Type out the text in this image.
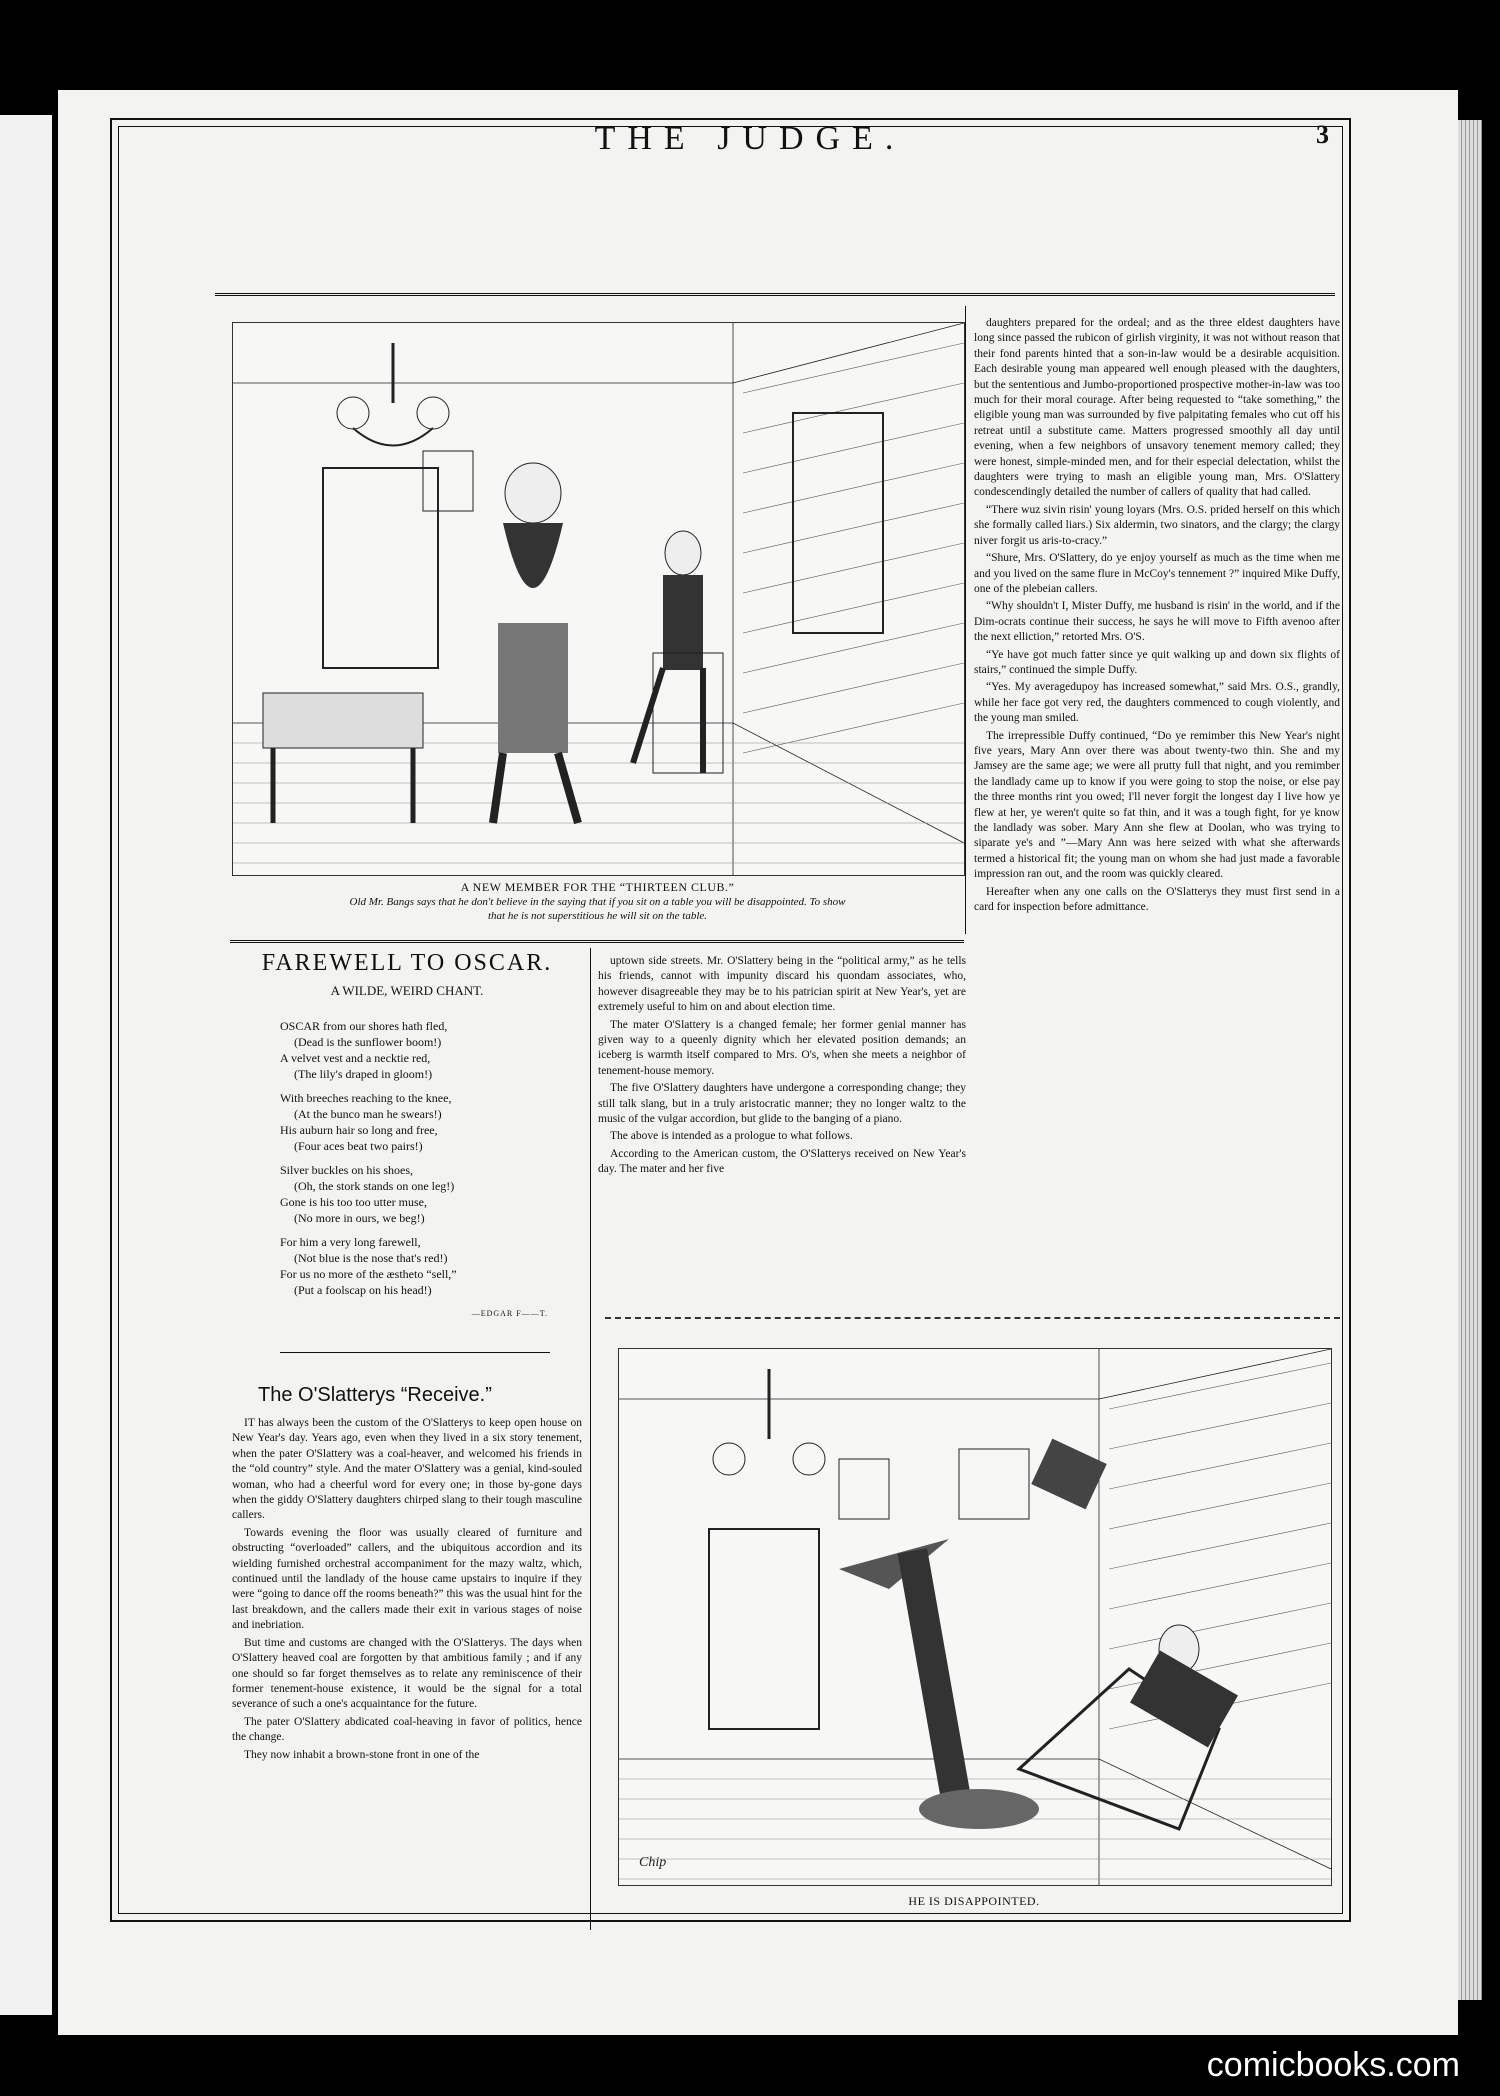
THE JUDGE.	3
A NEW MEMBER FOR THE “THIRTEEN CLUB.”
Old Mr. Bangs says that he don't believe in the saying that if you sit on a table you will be disappointed. To show
that he is not superstitious he will sit on the table.
FAREWELL TO OSCAR.
A WILDE, WEIRD CHANT.
OSCAR from our shores hath fled,
(Dead is the sunflower boom!)
A velvet vest and a necktie red,
(The lily's draped in gloom!)
With breeches reaching to the knee,
(At the bunco man he swears!)
His auburn hair so long and free,
(Four aces beat two pairs!)
Silver buckles on his shoes,
(Oh, the stork stands on one leg!)
Gone is his too too utter muse,
(No more in ours, we beg!)
For him a very long farewell,
(Not blue is the nose that's red!)
For us no more of the æstheto “sell,”
(Put a foolscap on his head!)
—EDGAR F——T.
The O'Slatterys “Receive.”

IT has always been the custom of the O'Slatterys to keep open house on New Year's day. Years ago, even when they lived in a six story tenement, when the pater O'Slattery was a coal-heaver, and welcomed his friends in the “old country” style. And the mater O'Slattery was a genial, kind-souled woman, who had a cheerful word for every one; in those by-gone days when the giddy O'Slattery daughters chirped slang to their tough masculine callers.

Towards evening the floor was usually cleared of furniture and obstructing “overloaded” callers, and the ubiquitous accordion and its wielding furnished orchestral accompaniment for the mazy waltz, which, continued until the landlady of the house came upstairs to inquire if they were “going to dance off the rooms beneath?” this was the usual hint for the last breakdown, and the callers made their exit in various stages of noise and inebriation.

But time and customs are changed with the O'Slatterys. The days when O'Slattery heaved coal are forgotten by that ambitious family ; and if any one should so far forget themselves as to relate any reminiscence of their former tenement-house existence, it would be the signal for a total severance of such a one's acquaintance for the future.

The pater O'Slattery abdicated coal-heaving in favor of politics, hence the change.

They now inhabit a brown-stone front in one of the

uptown side streets. Mr. O'Slattery being in the “political army,” as he tells his friends, cannot with impunity discard his quondam associates, who, however disagreeable they may be to his patrician spirit at New Year's, yet are extremely useful to him on and about election time.

The mater O'Slattery is a changed female; her former genial manner has given way to a queenly dignity which her elevated position demands; an iceberg is warmth itself compared to Mrs. O's, when she meets a neighbor of tenement-house memory.

The five O'Slattery daughters have undergone a corresponding change; they still talk slang, but in a truly aristocratic manner; they no longer waltz to the music of the vulgar accordion, but glide to the banging of a piano.

The above is intended as a prologue to what follows.

According to the American custom, the O'Slatterys received on New Year's day. The mater and her five

daughters prepared for the ordeal; and as the three eldest daughters have long since passed the rubicon of girlish virginity, it was not without reason that their fond parents hinted that a son-in-law would be a desirable acquisition. Each desirable young man appeared well enough pleased with the daughters, but the sententious and Jumbo-proportioned prospective mother-in-law was too much for their moral courage. After being requested to “take something,” the eligible young man was surrounded by five palpitating females who cut off his retreat until a substitute came. Matters progressed smoothly all day until evening, when a few neighbors of unsavory tenement memory called; they were honest, simple-minded men, and for their especial delectation, whilst the daughters were trying to mash an eligible young man, Mrs. O'Slattery condescendingly detailed the number of callers of quality that had called.

“There wuz sivin risin' young loyars (Mrs. O.S. prided herself on this which she formally called liars.) Six aldermin, two sinators, and the clargy; the clargy niver forgit us aris-to-cracy.”

“Shure, Mrs. O'Slattery, do ye enjoy yourself as much as the time when me and you lived on the same flure in McCoy's tennement ?” inquired Mike Duffy, one of the plebeian callers.

“Why shouldn't I, Mister Duffy, me husband is risin' in the world, and if the Dim-ocrats continue their success, he says he will move to Fifth avenoo after the next elliction,” retorted Mrs. O'S.

“Ye have got much fatter since ye quit walking up and down six flights of stairs,” continued the simple Duffy.

“Yes. My averagedupoy has increased somewhat,” said Mrs. O.S., grandly, while her face got very red, the daughters commenced to cough violently, and the young man smiled.

The irrepressible Duffy continued, “Do ye remimber this New Year's night five years, Mary Ann over there was about twenty-two thin. She and my Jamsey are the same age; we were all prutty full that night, and you remimber the landlady came up to know if you were going to stop the noise, or else pay the three months rint you owed; I'll never forgit the longest day I live how ye flew at her, ye weren't quite so fat thin, and it was a tough fight, for ye know the landlady was sober. Mary Ann she flew at Doolan, who was trying to siparate ye's and ”—Mary Ann was here seized with what she afterwards termed a historical fit; the young man on whom she had just made a favorable impression ran out, and the room was quickly cleared.

Hereafter when any one calls on the O'Slatterys they must first send in a card for inspection before admittance.

Chip
HE IS DISAPPOINTED.
comicbooks.com
